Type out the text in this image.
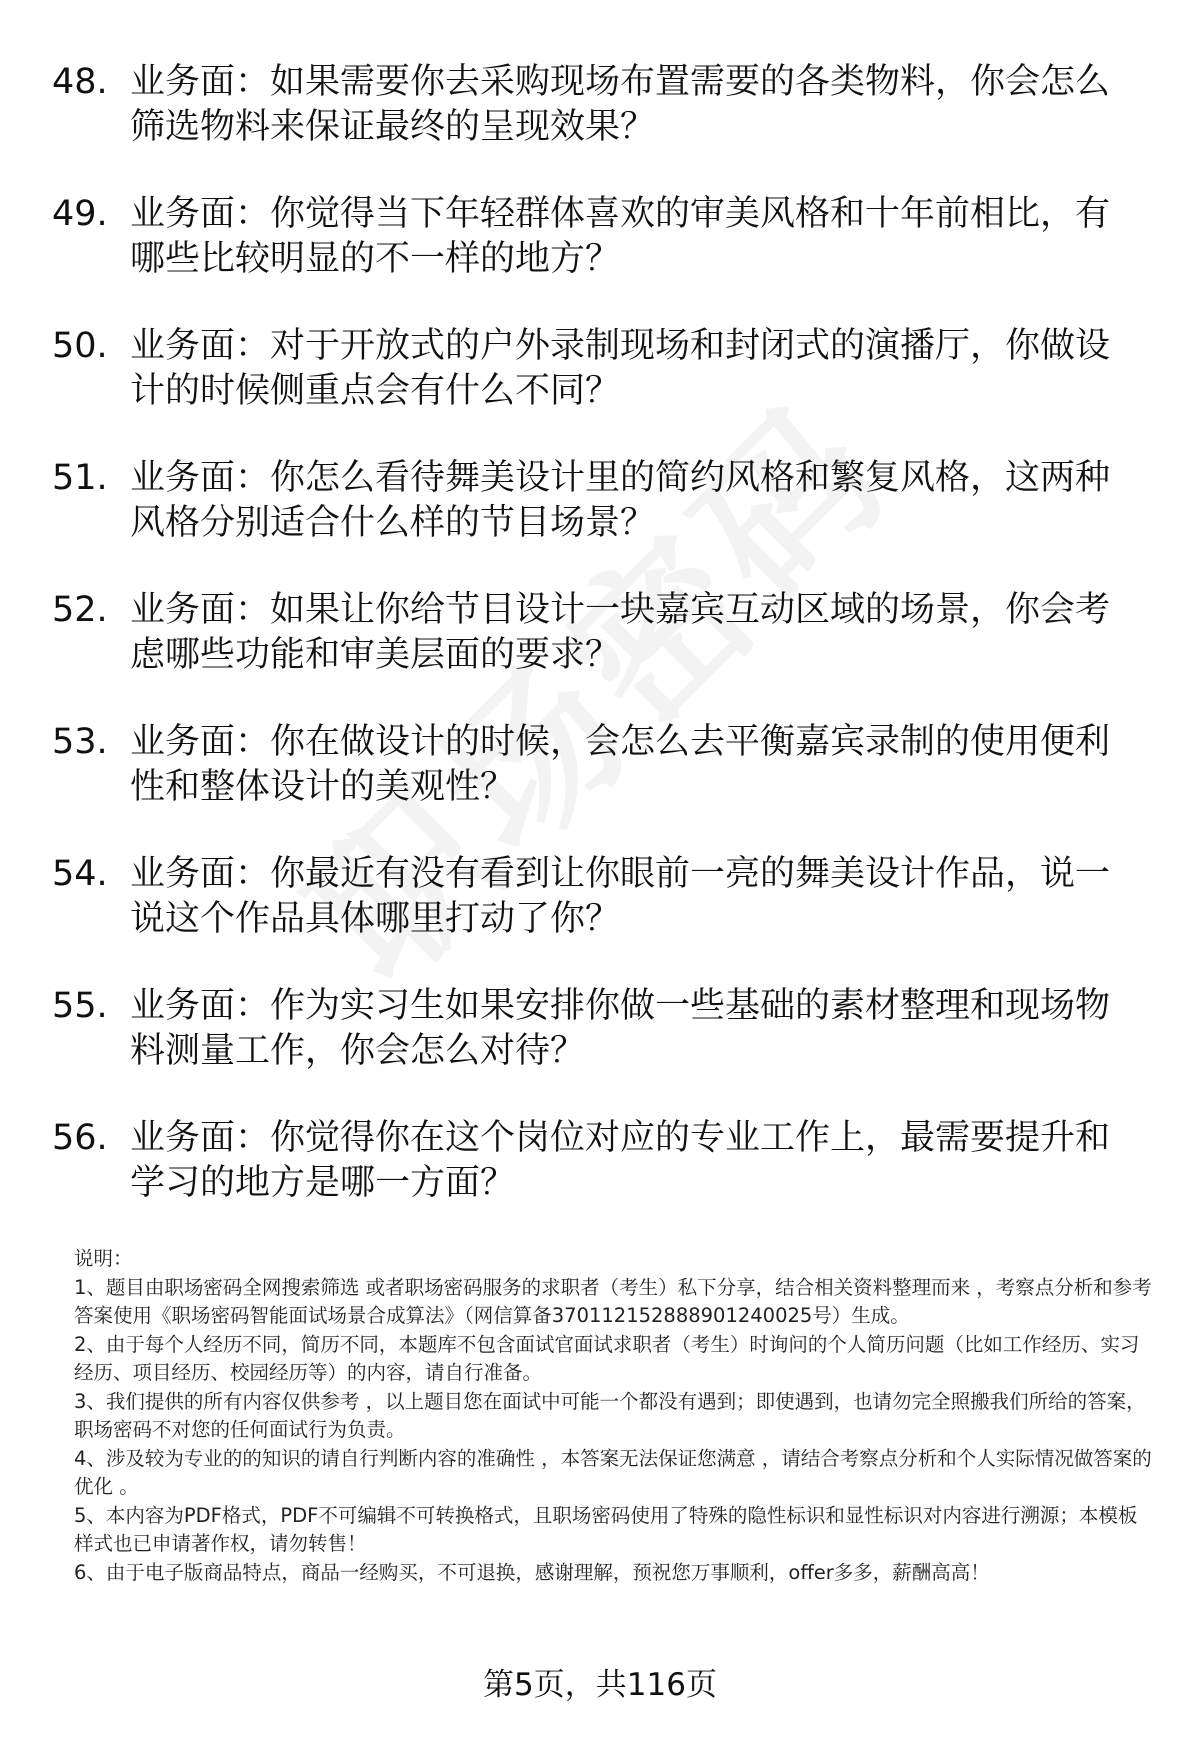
48. 业务面：如果需要你去采购现场布置需要的各类物料，你会怎么筛选物料来保证最终的呈现效果？
49. 业务面：你觉得当下年轻群体喜欢的审美风格和十年前相比，有哪些比较明显的不一样的地方？
50. 业务面：对于开放式的户外录制现场和封闭式的演播厅，你做设计的时候侧重点会有什么不同？
51. 业务面：你怎么看待舞美设计里的简约风格和繁复风格，这两种风格分别适合什么样的节目场景？
52. 业务面：如果让你给节目设计一块嘉宾互动区域的场景，你会考虑哪些功能和审美层面的要求？
53. 业务面：你在做设计的时候，会怎么去平衡嘉宾录制的使用便利性和整体设计的美观性？
54. 业务面：你最近有没有看到让你眼前一亮的舞美设计作品，说一说这个作品具体哪里打动了你？
55. 业务面：作为实习生如果安排你做一些基础的素材整理和现场物料测量工作，你会怎么对待？
56. 业务面：你觉得你在这个岗位对应的专业工作上，最需要提升和学习的地方是哪一方面？

说明：

1、题目由职场密码全网搜索筛选 或者职场密码服务的求职者（考生）私下分享，结合相关资料整理而来 ，考察点分析和参考答案使用《职场密码智能面试场景合成算法》（网信算备370112152888901240025号）生成。

2、由于每个人经历不同，简历不同，本题库不包含面试官面试求职者（考生）时询问的个人简历问题（比如工作经历、实习经历、项目经历、校园经历等）的内容，请自行准备。

3、我们提供的所有内容仅供参考 ，以上题目您在面试中可能一个都没有遇到；即使遇到，也请勿完全照搬我们所给的答案，职场密码不对您的任何面试行为负责。

4、涉及较为专业的的知识的请自行判断内容的准确性 ，本答案无法保证您满意 ，请结合考察点分析和个人实际情况做答案的优化 。

5、本内容为PDF格式，PDF不可编辑不可转换格式，且职场密码使用了特殊的隐性标识和显性标识对内容进行溯源；本模板样式也已申请著作权，请勿转售！

6、由于电子版商品特点，商品一经购买，不可退换，感谢理解，预祝您万事顺利，offer多多，薪酬高高！

第5页，共116页
